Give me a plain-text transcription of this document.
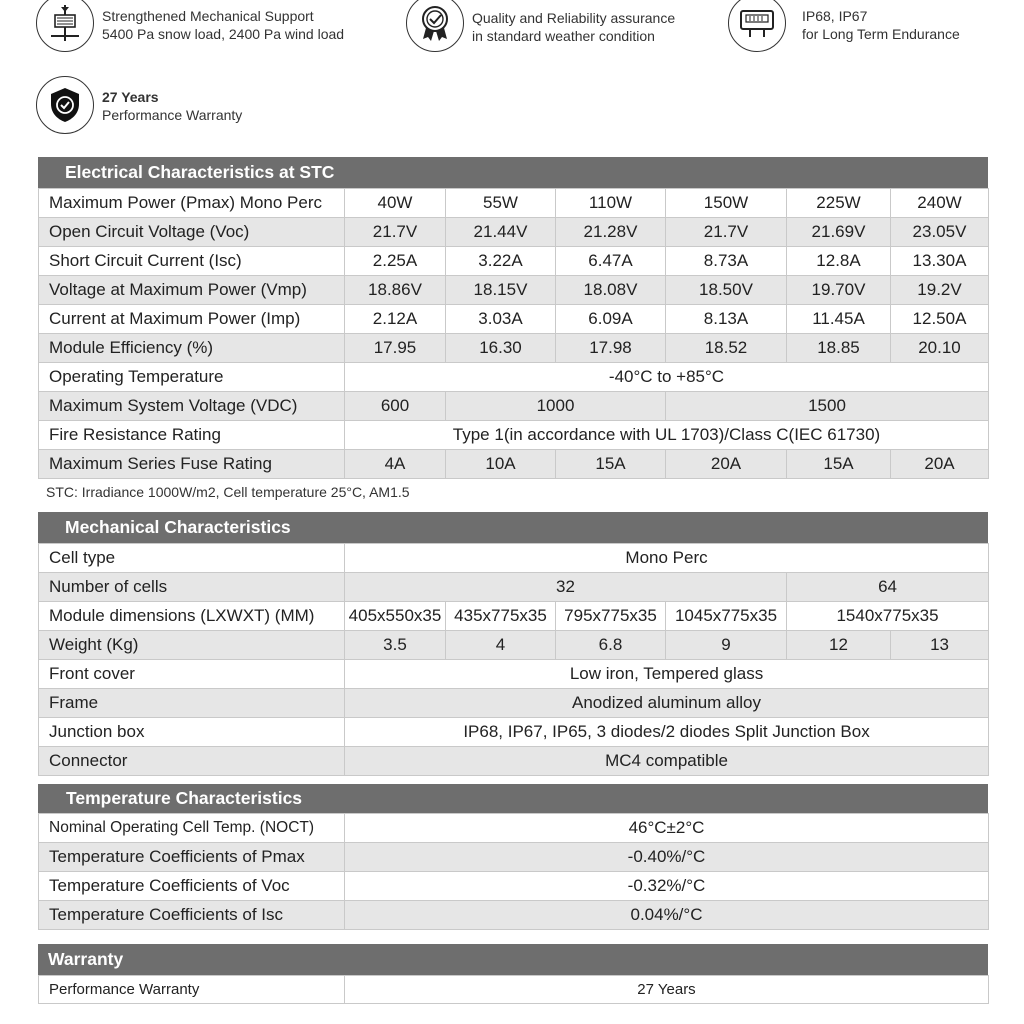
Strengthened Mechanical Support
5400 Pa snow load, 2400 Pa wind load
Quality and Reliability assurance
in standard weather condition
IP68, IP67
for Long Term Endurance
27 Years
Performance Warranty
Electrical Characteristics at STC
Maximum Power (Pmax) Mono Perc	40W	55W	110W	150W	225W	240W
Open Circuit Voltage (Voc)	21.7V	21.44V	21.28V	21.7V	21.69V	23.05V
Short Circuit Current (Isc)	2.25A	3.22A	6.47A	8.73A	12.8A	13.30A
Voltage at Maximum Power (Vmp)	18.86V	18.15V	18.08V	18.50V	19.70V	19.2V
Current at Maximum Power (Imp)	2.12A	3.03A	6.09A	8.13A	11.45A	12.50A
Module Efficiency (%)	17.95	16.30	17.98	18.52	18.85	20.10
Operating Temperature	-40°C to +85°C					
Maximum System Voltage (VDC)	600	1000		1500		
Fire Resistance Rating	Type 1(in accordance with UL 1703)/Class C(IEC 61730)					
Maximum Series Fuse Rating	4A	10A	15A	20A	15A	20A
STC: Irradiance 1000W/m2, Cell temperature 25°C, AM1.5
Mechanical Characteristics
Cell type	Mono Perc					
Number of cells	32				64	
Module dimensions (LXWXT) (MM)	405x550x35	435x775x35	795x775x35	1045x775x35	1540x775x35	
Weight (Kg)	3.5	4	6.8	9	12	13
Front cover	Low iron, Tempered glass					
Frame	Anodized aluminum alloy					
Junction box	IP68, IP67, IP65, 3 diodes/2 diodes Split Junction Box					
Connector	MC4 compatible					
Temperature Characteristics
Nominal Operating Cell Temp. (NOCT)	46°C±2°C
Temperature Coefficients of Pmax	-0.40%/°C
Temperature Coefficients of Voc	-0.32%/°C
Temperature Coefficients of Isc	0.04%/°C
Warranty
Performance Warranty	27 Years
